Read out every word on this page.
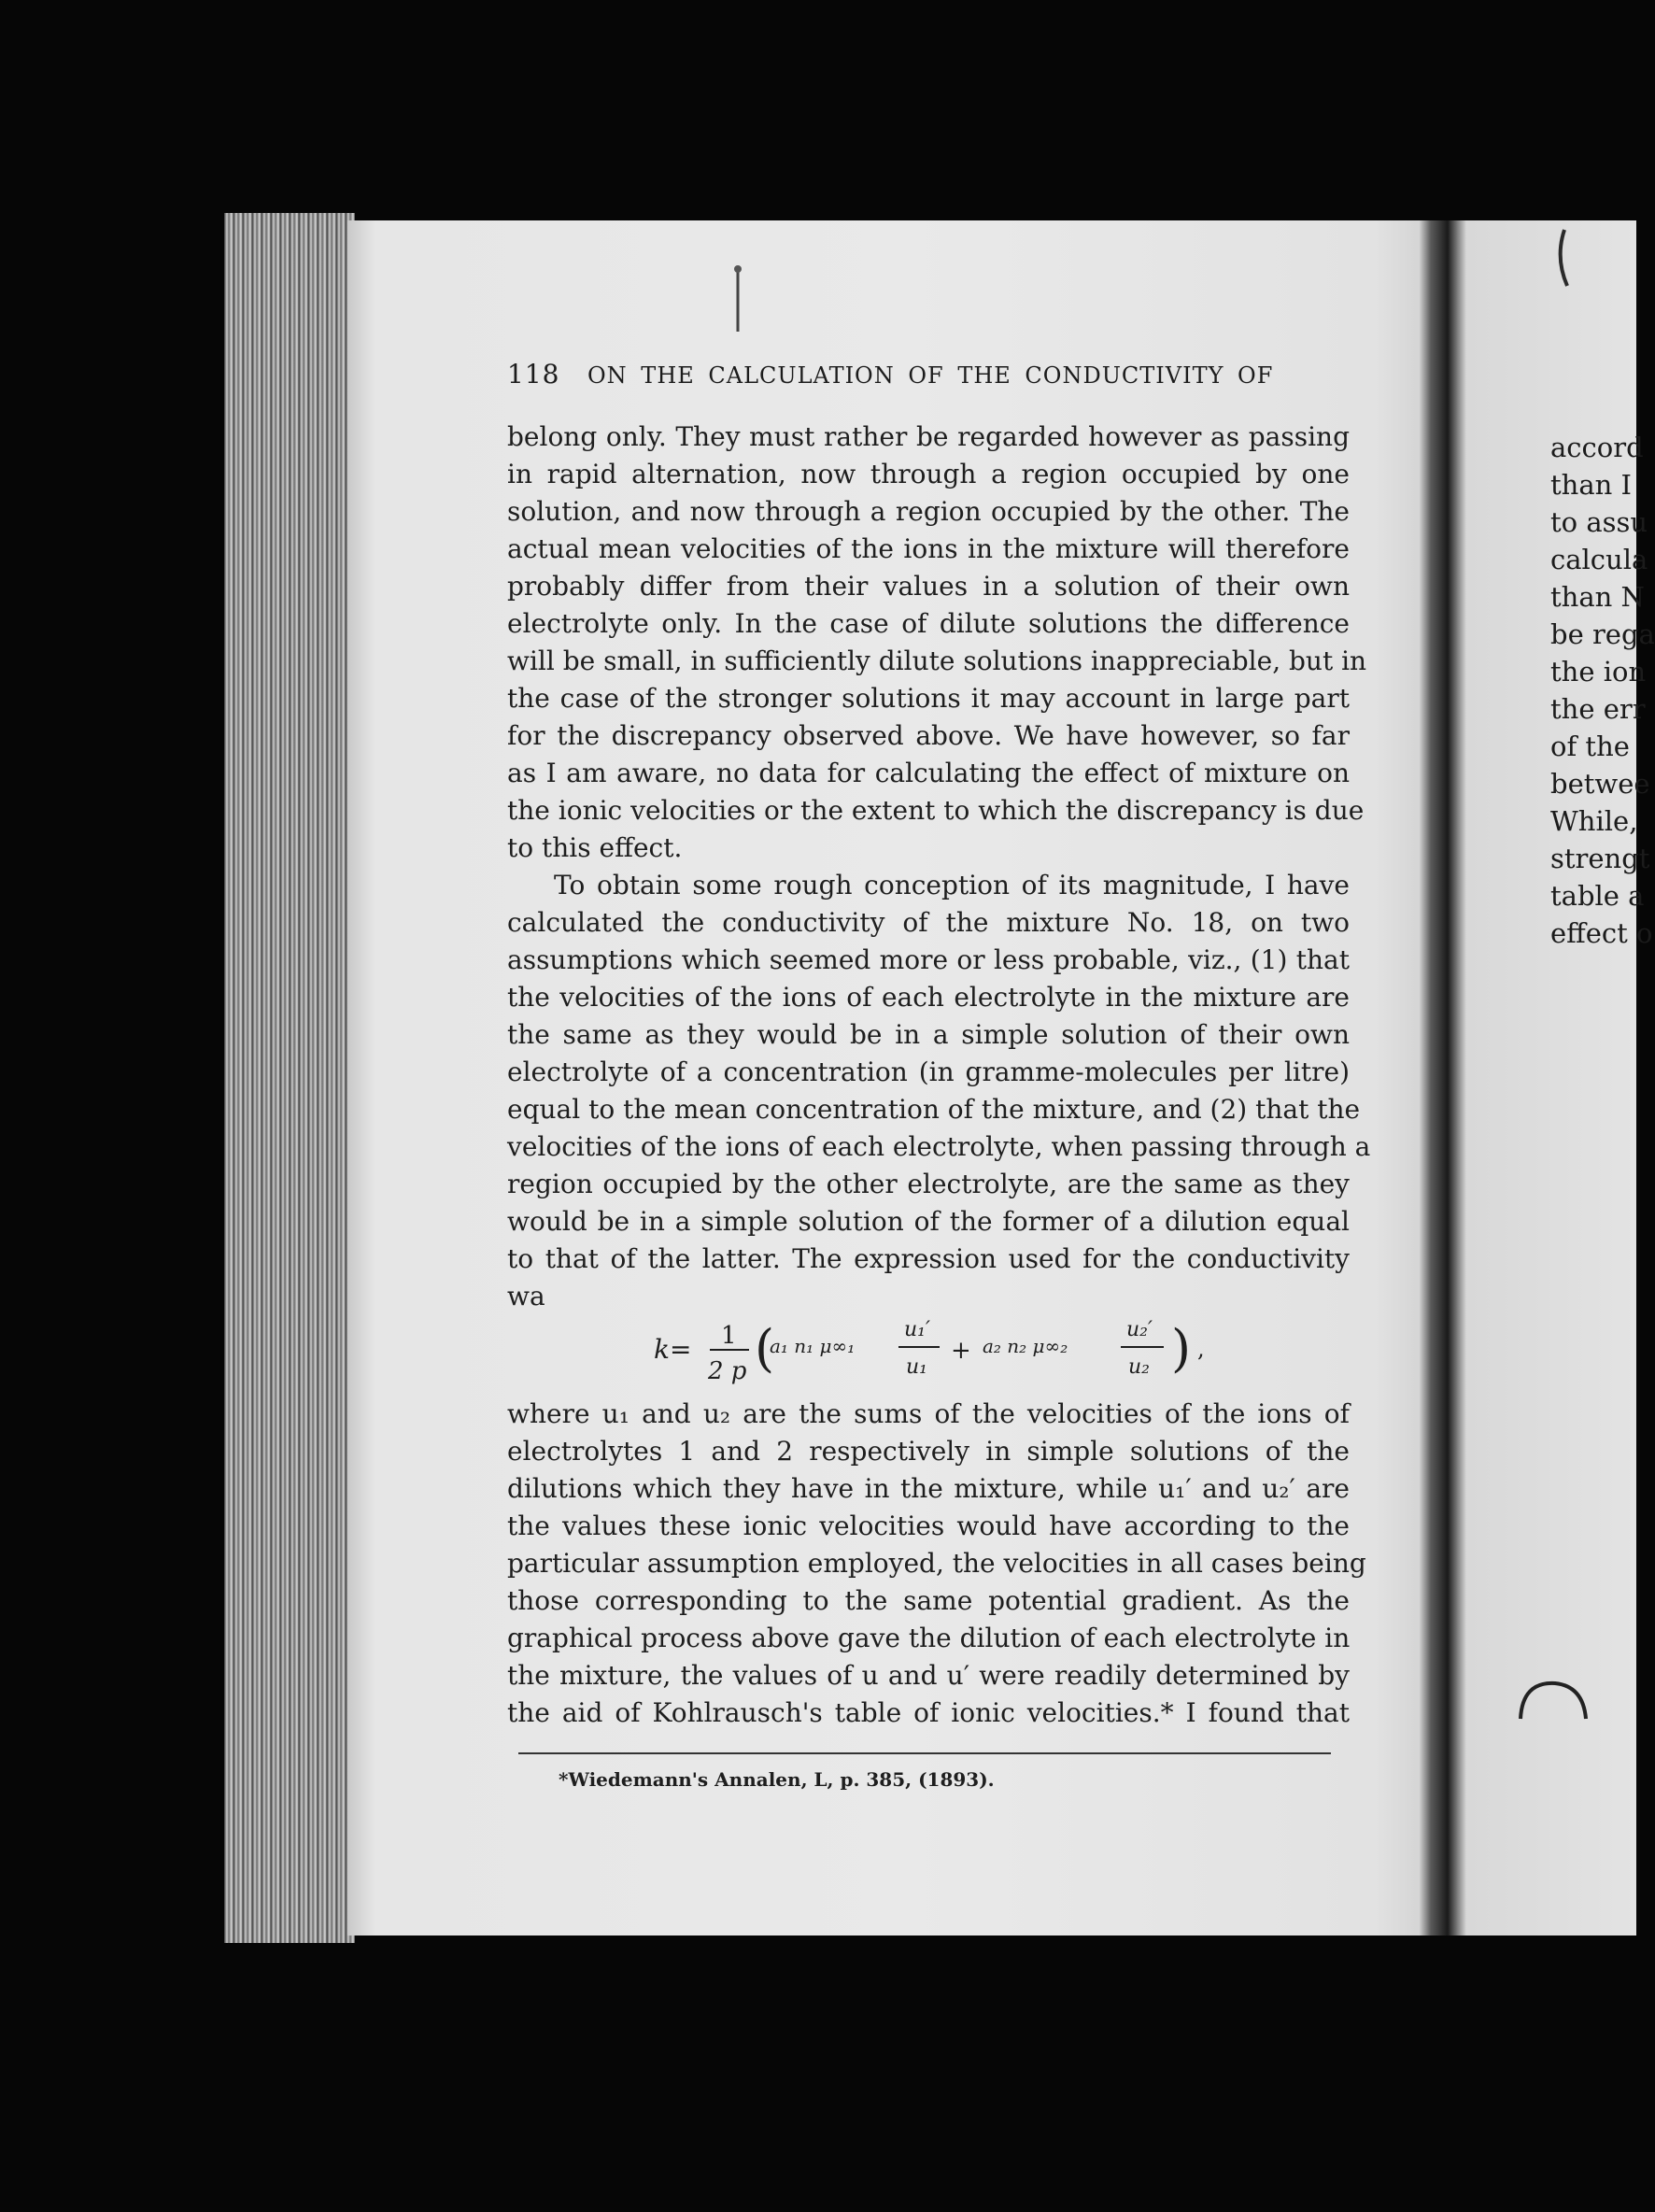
accord
than I
to assu
calcula
than N
be rega
the ion
the err
of the
betwee
While,
strengt
table a
effect o
118 ON THE CALCULATION OF THE CONDUCTIVITY OF
belong only. They must rather be regarded however as passing
in rapid alternation, now through a region occupied by one
solution, and now through a region occupied by the other. The
actual mean velocities of the ions in the mixture will therefore
probably differ from their values in a solution of their own
electrolyte only. In the case of dilute solutions the difference
will be small, in sufficiently dilute solutions inappreciable, but in
the case of the stronger solutions it may account in large part
for the discrepancy observed above. We have however, so far
as I am aware, no data for calculating the effect of mixture on
the ionic velocities or the extent to which the discrepancy is due
to this effect.
To obtain some rough conception of its magnitude, I have
calculated the conductivity of the mixture No. 18, on two
assumptions which seemed more or less probable, viz., (1) that
the velocities of the ions of each electrolyte in the mixture are
the same as they would be in a simple solution of their own
electrolyte of a concentration (in gramme-molecules per litre)
equal to the mean concentration of the mixture, and (2) that the
velocities of the ions of each electrolyte, when passing through a
region occupied by the other electrolyte, are the same as they
would be in a simple solution of the former of a dilution equal
to that of the latter. The expression used for the conductivity
wa
k= 1
2 p (
a₁ n₁ μ∞₁
u₁′
u₁
+ a₂ n₂ μ∞₂
u₂′
u₂ ) ,
where u₁ and u₂ are the sums of the velocities of the ions of
electrolytes 1 and 2 respectively in simple solutions of the
dilutions which they have in the mixture, while u₁′ and u₂′ are
the values these ionic velocities would have according to the
particular assumption employed, the velocities in all cases being
those corresponding to the same potential gradient. As the
graphical process above gave the dilution of each electrolyte in
the mixture, the values of u and u′ were readily determined by
the aid of Kohlrausch's table of ionic velocities.* I found that
*Wiedemann's Annalen, L, p. 385, (1893).
